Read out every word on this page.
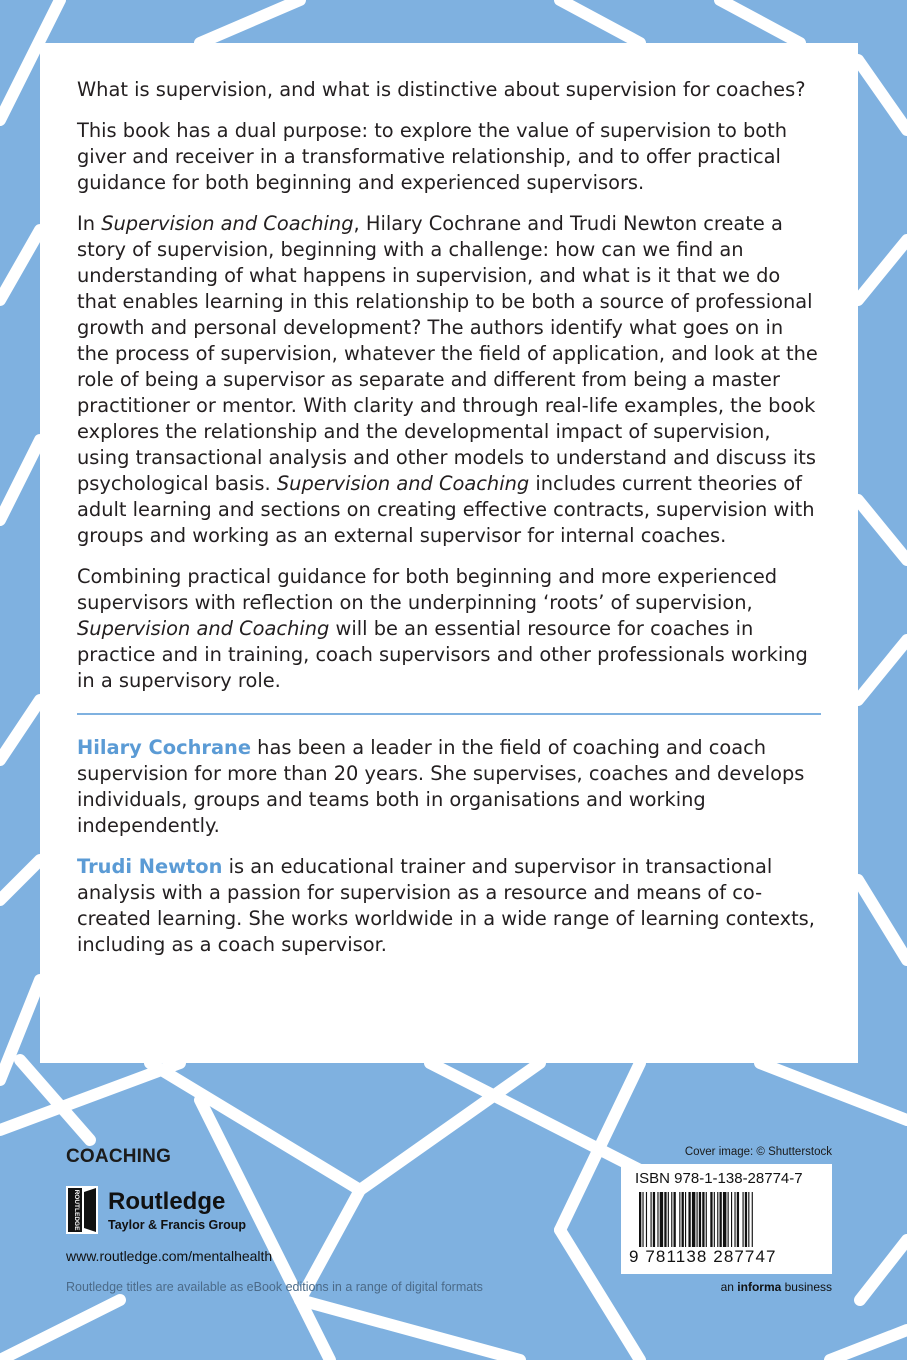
What is supervision, and what is distinctive about supervision for coaches?

This book has a dual purpose: to explore the value of supervision to both giver and receiver in a transformative relationship, and to offer practical guidance for both beginning and experienced supervisors.

In Supervision and Coaching, Hilary Cochrane and Trudi Newton create a story of supervision, beginning with a challenge: how can we find an understanding of what happens in supervision, and what is it that we do that enables learning in this relationship to be both a source of professional growth and personal development? The authors identify what goes on in the process of supervision, whatever the field of application, and look at the role of being a supervisor as separate and different from being a master practitioner or mentor. With clarity and through real-life examples, the book explores the relationship and the developmental impact of supervision, using transactional analysis and other models to understand and discuss its psychological basis. Supervision and Coaching includes current theories of adult learning and sections on creating effective contracts, supervision with groups and working as an external supervisor for internal coaches.

Combining practical guidance for both beginning and more experienced supervisors with reflection on the underpinning ‘roots’ of supervision, Supervision and Coaching will be an essential resource for coaches in practice and in training, coach supervisors and other professionals working in a supervisory role.

Hilary Cochrane has been a leader in the field of coaching and coach supervision for more than 20 years. She supervises, coaches and develops individuals, groups and teams both in organisations and working independently.

Trudi Newton is an educational trainer and supervisor in transactional analysis with a passion for supervision as a resource and means of co-created learning. She works worldwide in a wide range of learning contexts, including as a coach supervisor.

COACHING

ROUTLEDGE Routledge
Taylor & Francis Group
www.routledge.com/mentalhealth
Routledge titles are available as eBook editions in a range of digital formats
Cover image: © Shutterstock
ISBN 978-1-138-28774-7
9 781138 287747
an informa business
